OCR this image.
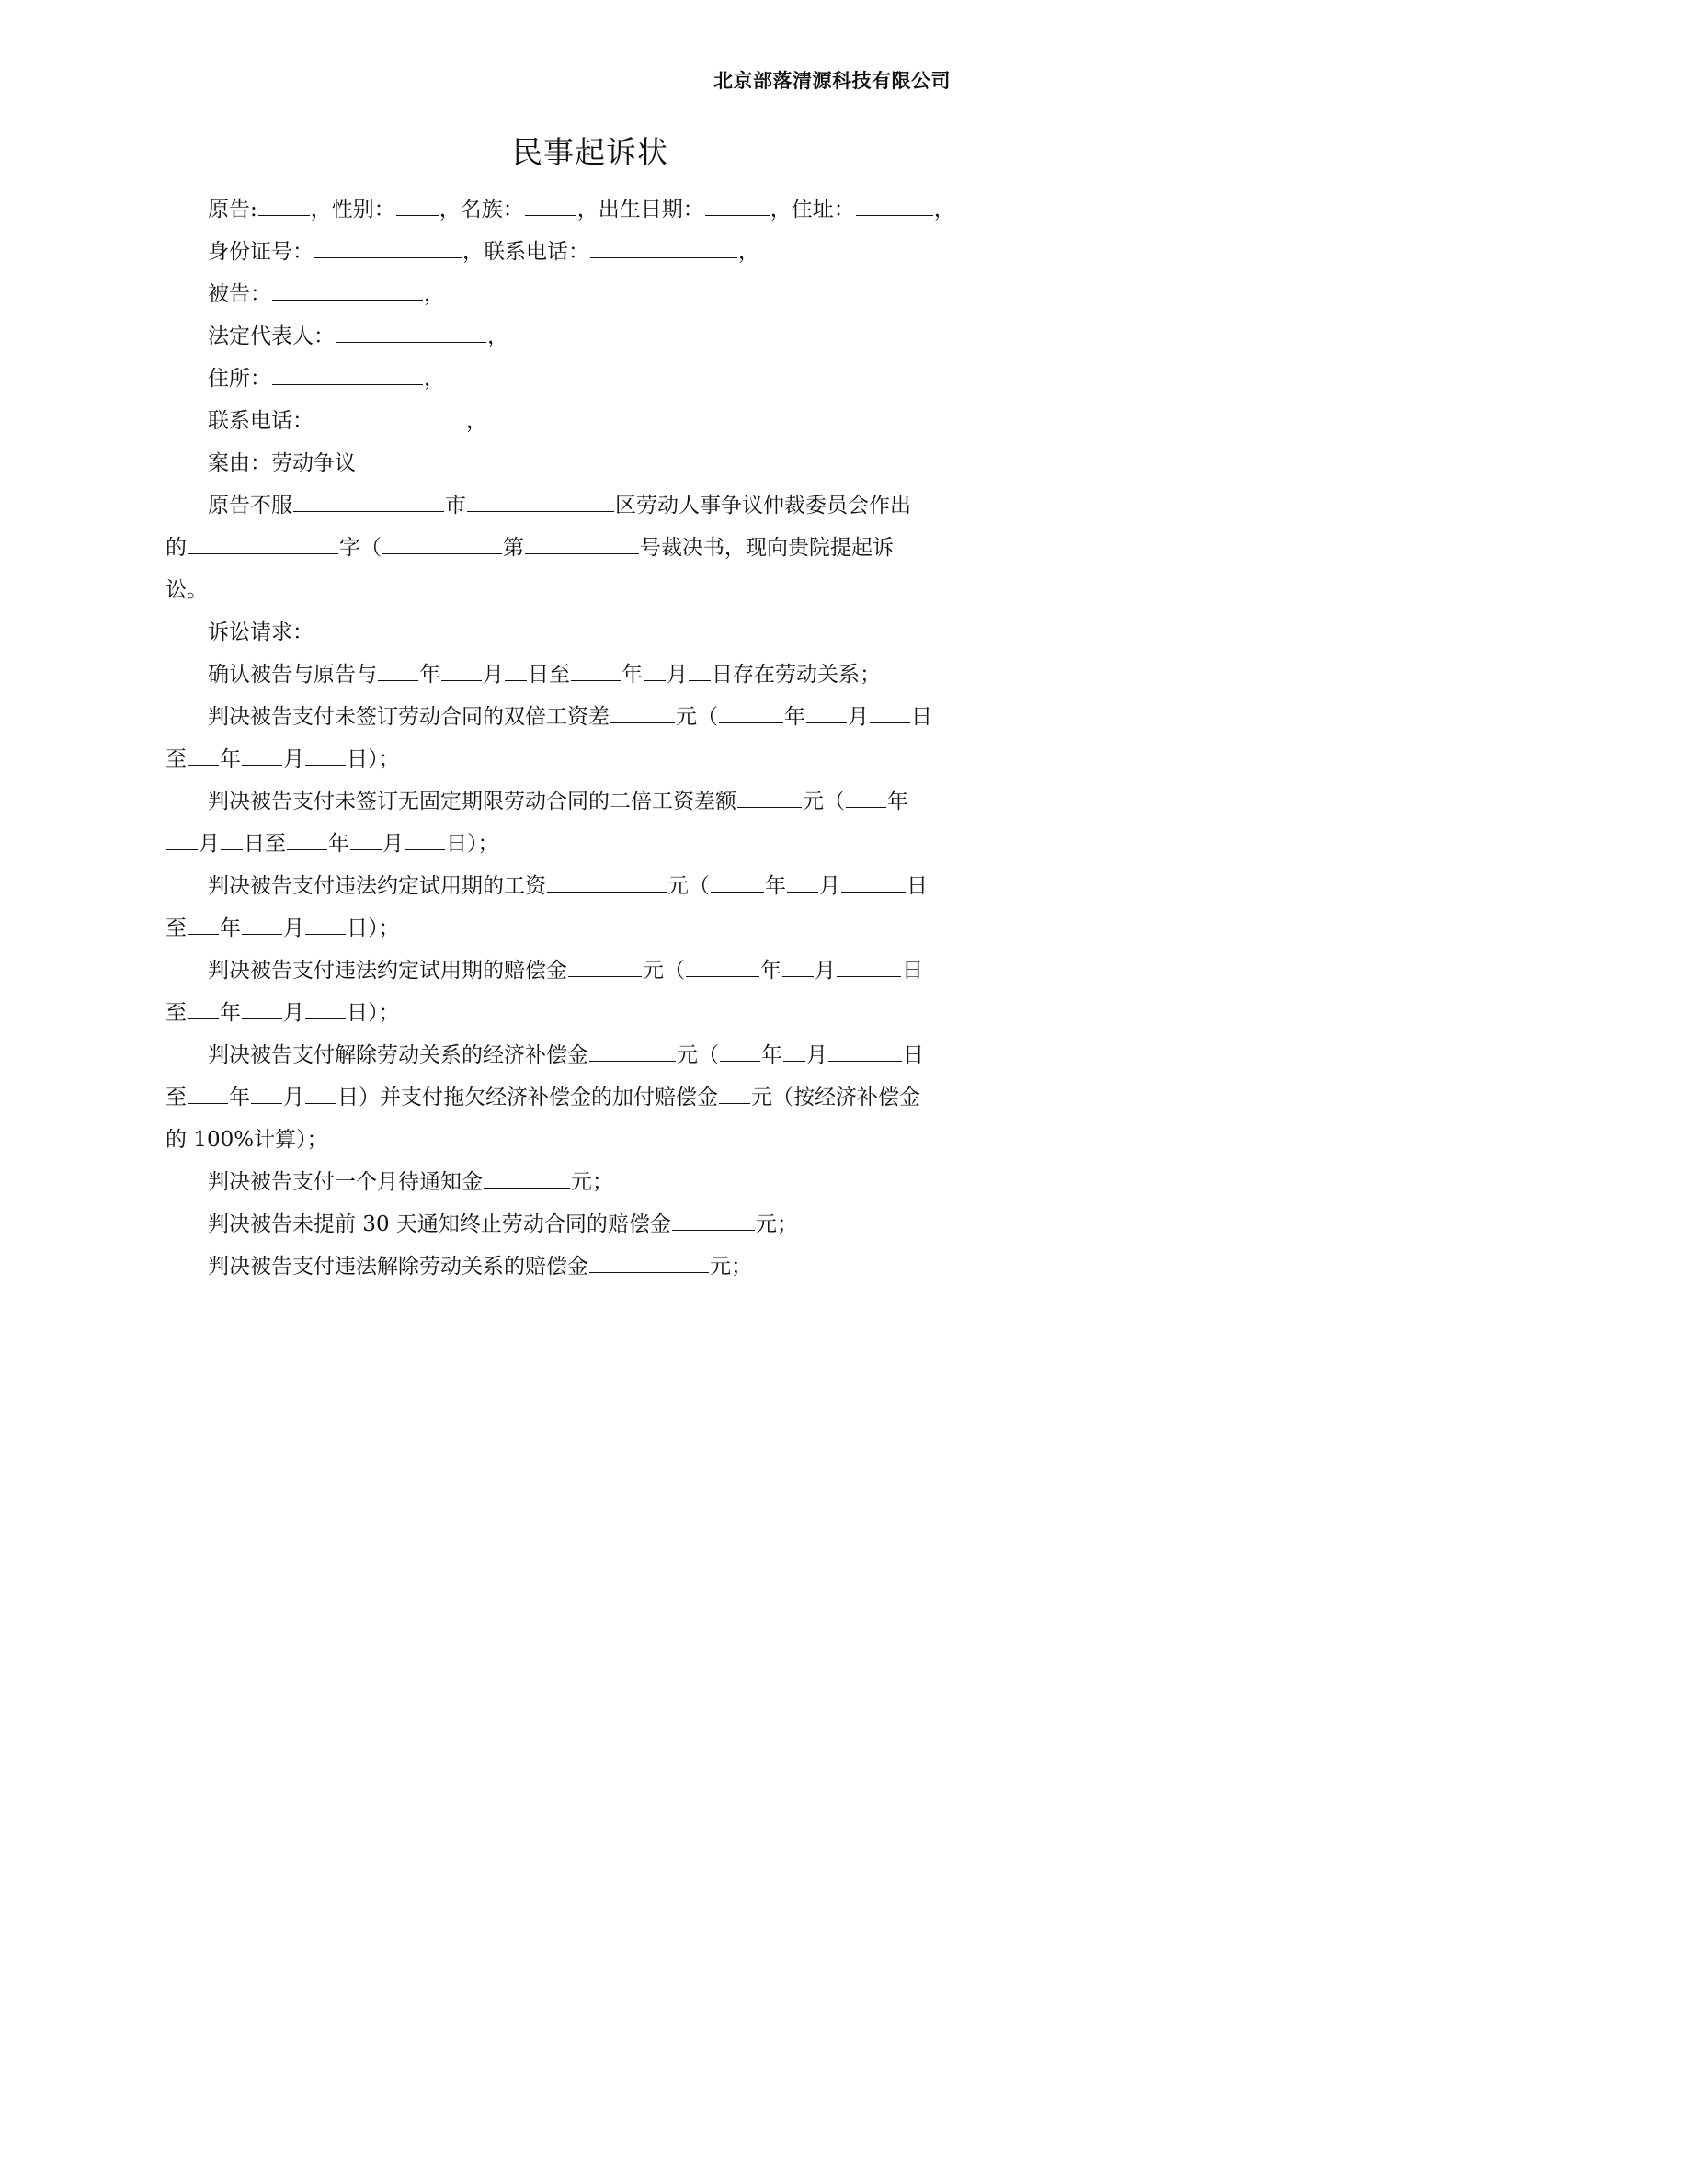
北京部落清源科技有限公司
民事起诉状
原告:	，性别： ，名族：	，出生日期：	，住址：	，
身份证号：	，联系电话：	，
被告：	，
法定代表人：	，
住所：	，
联系电话：	，
案由：劳动争议
原告不服	市	区劳动人事争议仲裁委员会作出
的	字（	第	号裁决书，现向贵院提起诉
讼。
诉讼请求：
确认被告与原告与 年 月 日至 年 月 日存在劳动关系；
判决被告支付未签订劳动合同的双倍工资差	元（	年 月 日
至 年 月 日）；
判决被告支付未签订无固定期限劳动合同的二倍工资差额	元（ 年
月 日至 年 月 日）；
判决被告支付违法约定试用期的工资	元（	年 月	日
至 年 月 日）；
判决被告支付违法约定试用期的赔偿金	元（	年 月	日
至 年 月 日）；
判决被告支付解除劳动关系的经济补偿金	元（ 年 月	日
至 年 月 日）并支付拖欠经济补偿金的加付赔偿金 元（按经济补偿金
的 100%计算）；
判决被告支付一个月待通知金	元；
判决被告未提前 30 天通知终止劳动合同的赔偿金	元；
判决被告支付违法解除劳动关系的赔偿金	元；
